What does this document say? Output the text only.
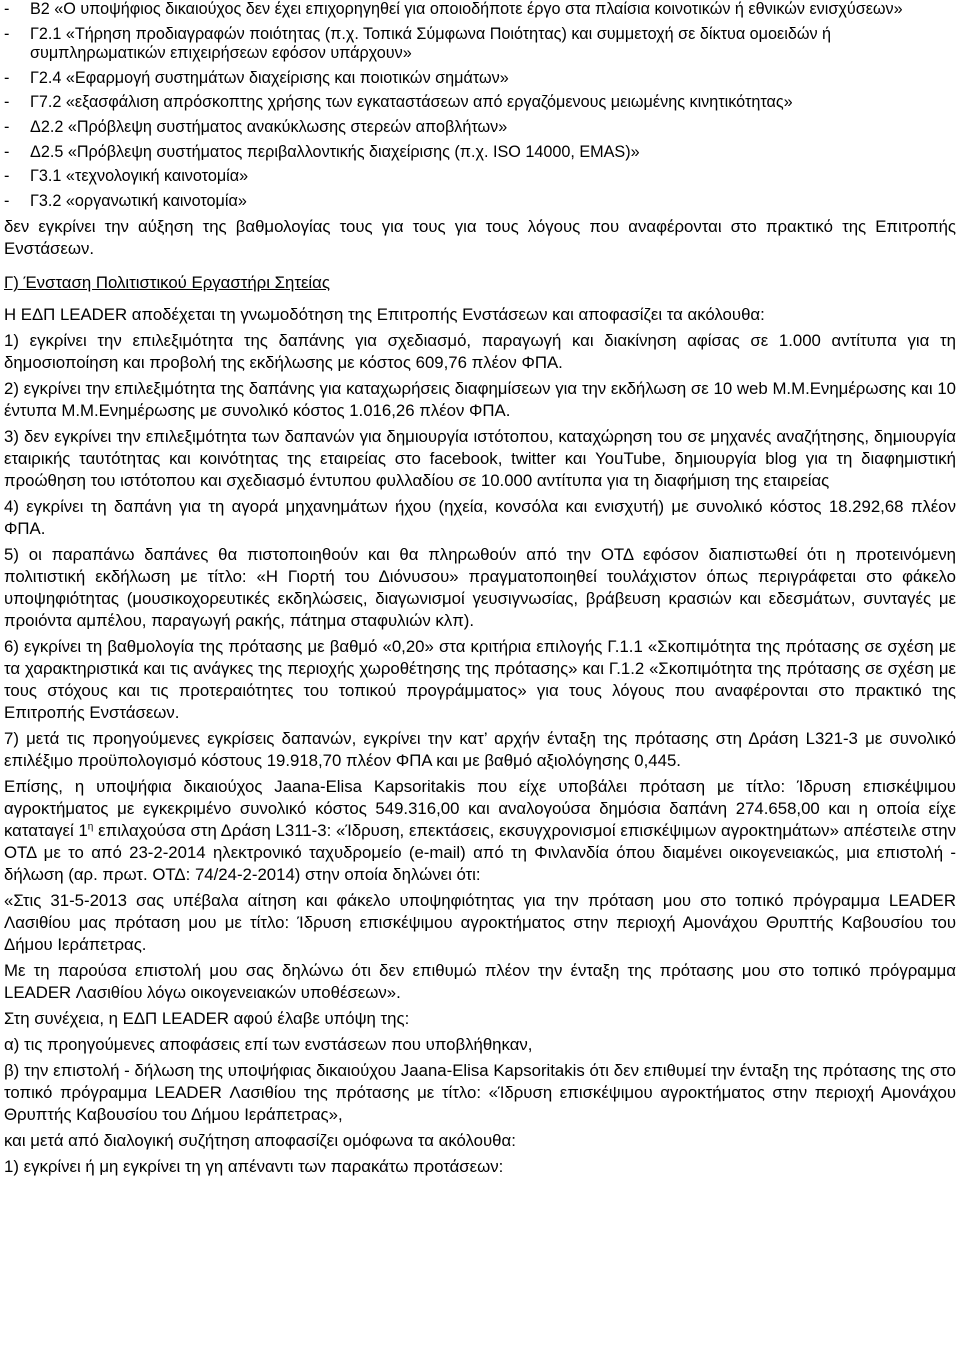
-	Β2 «Ο υποψήφιος δικαιούχος δεν έχει επιχορηγηθεί για οποιοδήποτε έργο στα πλαίσια κοινοτικών ή εθνικών ενισχύσεων»
-	Γ2.1 «Τήρηση προδιαγραφών ποιότητας (π.χ. Τοπικά Σύμφωνα Ποιότητας) και συμμετοχή σε δίκτυα ομοειδών ή συμπληρωματικών επιχειρήσεων εφόσον υπάρχουν»
-	Γ2.4 «Εφαρμογή συστημάτων διαχείρισης και ποιοτικών σημάτων»
-	Γ7.2 «εξασφάλιση απρόσκοπτης χρήσης των εγκαταστάσεων από εργαζόμενους μειωμένης κινητικότητας»
-	Δ2.2 «Πρόβλεψη συστήματος ανακύκλωσης στερεών αποβλήτων»
-	Δ2.5 «Πρόβλεψη συστήματος περιβαλλοντικής διαχείρισης (π.χ. ISO 14000, EMAS)»
-	Γ3.1 «τεχνολογική καινοτομία»
-	Γ3.2 «οργανωτική καινοτομία»

δεν εγκρίνει την αύξηση της βαθμολογίας τους για τους για τους λόγους που αναφέρονται στο πρακτικό της Επιτροπής Ενστάσεων.

Γ) Ένσταση Πολιτιστικού Εργαστήρι Σητείας

Η ΕΔΠ LEADER αποδέχεται τη γνωμοδότηση της Επιτροπής Ενστάσεων και αποφασίζει τα ακόλουθα:

1) εγκρίνει την επιλεξιμότητα της δαπάνης για σχεδιασμό, παραγωγή και διακίνηση αφίσας σε 1.000 αντίτυπα για τη δημοσιοποίηση και προβολή της εκδήλωσης με κόστος 609,76 πλέον ΦΠΑ.

2) εγκρίνει την επιλεξιμότητα της δαπάνης για καταχωρήσεις διαφημίσεων για την εκδήλωση σε 10 web Μ.Μ.Ενημέρωσης και 10 έντυπα Μ.Μ.Ενημέρωσης με συνολικό κόστος 1.016,26 πλέον ΦΠΑ.

3) δεν εγκρίνει την επιλεξιμότητα των δαπανών για δημιουργία ιστότοπου, καταχώρηση του σε μηχανές αναζήτησης, δημιουργία εταιρικής ταυτότητας και κοινότητας της εταιρείας στο facebook, twitter και YouTube, δημιουργία blog για τη διαφημιστική προώθηση του ιστότοπου και σχεδιασμό έντυπου φυλλαδίου σε 10.000 αντίτυπα για τη διαφήμιση της εταιρείας

4) εγκρίνει τη δαπάνη για τη αγορά μηχανημάτων ήχου (ηχεία, κονσόλα και ενισχυτή) με συνολικό κόστος 18.292,68 πλέον ΦΠΑ.

5) οι παραπάνω δαπάνες θα πιστοποιηθούν και θα πληρωθούν από την ΟΤΔ εφόσον διαπιστωθεί ότι η προτεινόμενη πολιτιστική εκδήλωση με τίτλο: «Η Γιορτή του Διόνυσου» πραγματοποιηθεί τουλάχιστον όπως περιγράφεται στο φάκελο υποψηφιότητας (μουσικοχορευτικές εκδηλώσεις, διαγωνισμοί γευσιγνωσίας, βράβευση κρασιών και εδεσμάτων, συνταγές με προιόντα αμπέλου, παραγωγή ρακής, πάτημα σταφυλιών κλπ).

6) εγκρίνει τη βαθμολογία της πρότασης με βαθμό «0,20» στα κριτήρια επιλογής Γ.1.1 «Σκοπιμότητα της πρότασης σε σχέση με τα χαρακτηριστικά και τις ανάγκες της περιοχής χωροθέτησης της πρότασης» και Γ.1.2 «Σκοπιμότητα της πρότασης σε σχέση με τους στόχους και τις προτεραιότητες του τοπικού προγράμματος» για τους λόγους που αναφέρονται στο πρακτικό της Επιτροπής Ενστάσεων.

7) μετά τις προηγούμενες εγκρίσεις δαπανών, εγκρίνει την κατ’ αρχήν ένταξη της πρότασης στη Δράση L321-3 με συνολικό επιλέξιμο προϋπολογισμό κόστους 19.918,70 πλέον ΦΠΑ και με βαθμό αξιολόγησης 0,445.

Επίσης, η υποψήφια δικαιούχος Jaana-Elisa Kapsoritakis που είχε υποβάλει πρόταση με τίτλο: Ίδρυση επισκέψιμου αγροκτήματος με εγκεκριμένο συνολικό κόστος 549.316,00 και αναλογούσα δημόσια δαπάνη 274.658,00 και η οποία είχε καταταγεί $1^\eta$ επιλαχούσα στη Δράση L311-3: «Ίδρυση, επεκτάσεις, εκσυγχρονισμοί επισκέψιμων αγροκτημάτων» απέστειλε στην ΟΤΔ με το από 23-2-2014 ηλεκτρονικό ταχυδρομείο (e-mail) από τη Φινλανδία όπου διαμένει οικογενειακώς, μια επιστολή - δήλωση (αρ. πρωτ. ΟΤΔ: 74/24-2-2014) στην οποία δηλώνει ότι:

«Στις 31-5-2013 σας υπέβαλα αίτηση και φάκελο υποψηφιότητας για την πρόταση μου στο τοπικό πρόγραμμα LEADER Λασιθίου μας πρόταση μου με τίτλο: Ίδρυση επισκέψιμου αγροκτήματος στην περιοχή Αμονάχου Θρυπτής Καβουσίου του Δήμου Ιεράπετρας.

Με τη παρούσα επιστολή μου σας δηλώνω ότι δεν επιθυμώ πλέον την ένταξη της πρότασης μου στο τοπικό πρόγραμμα LEADER Λασιθίου λόγω οικογενειακών υποθέσεων».

Στη συνέχεια, η ΕΔΠ LEADER αφού έλαβε υπόψη της:

α) τις προηγούμενες αποφάσεις επί των ενστάσεων που υποβλήθηκαν,

β) την επιστολή - δήλωση της υποψήφιας δικαιούχου Jaana-Elisa Kapsoritakis ότι δεν επιθυμεί την ένταξη της πρότασης της στο τοπικό πρόγραμμα LEADER Λασιθίου της πρότασης με τίτλο: «Ίδρυση επισκέψιμου αγροκτήματος στην περιοχή Αμονάχου Θρυπτής Καβουσίου του Δήμου Ιεράπετρας»,

και μετά από διαλογική συζήτηση αποφασίζει ομόφωνα τα ακόλουθα:

1) εγκρίνει ή μη εγκρίνει τη γη απέναντι των παρακάτω προτάσεων:
